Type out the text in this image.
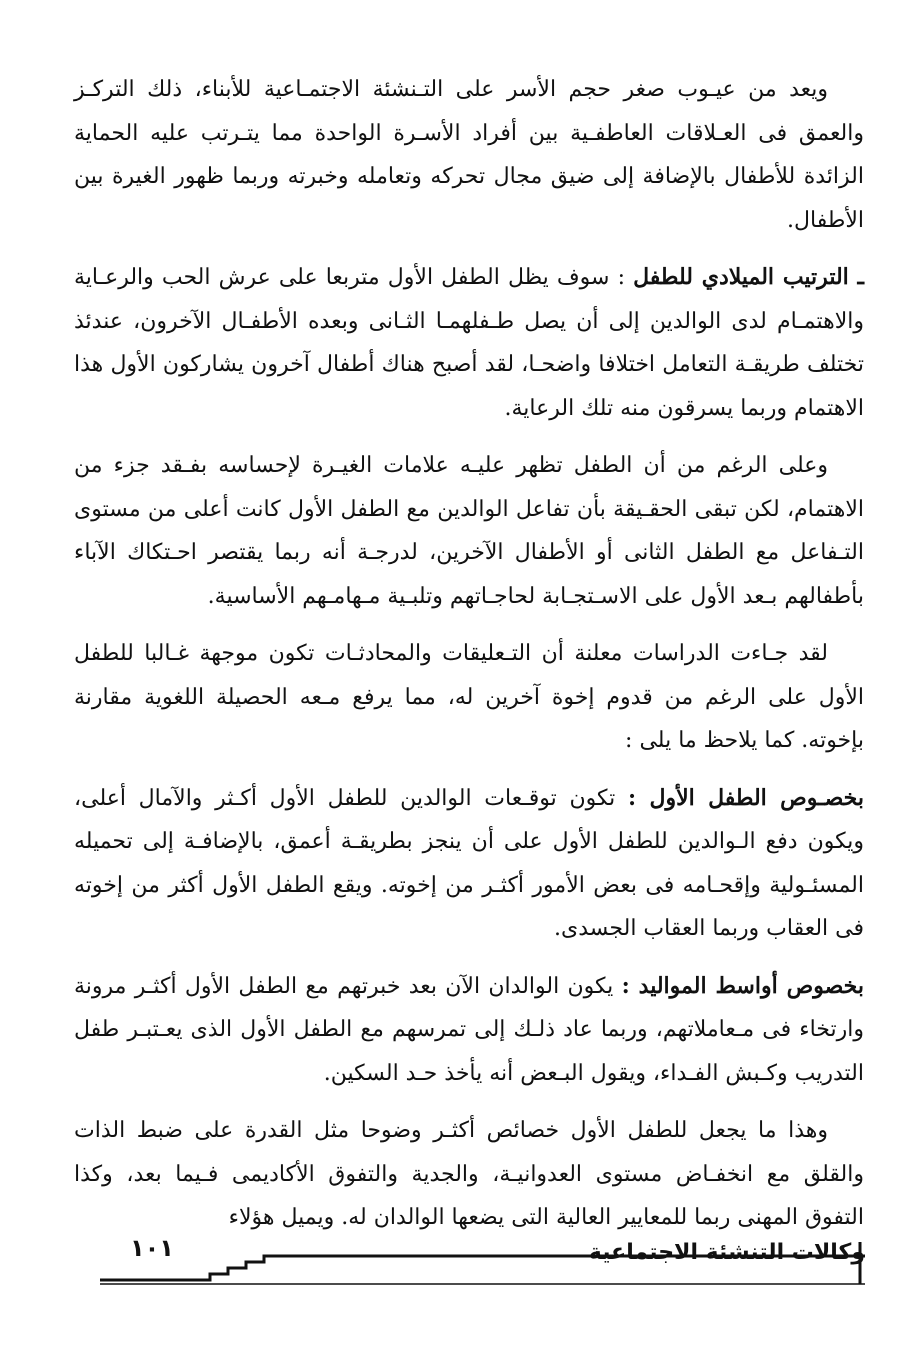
ويعد من عيـوب صغر حجم الأسر على التـنشئة الاجتمـاعية للأبناء، ذلك التركـز والعمق فى العـلاقات العاطفـية بين أفراد الأسـرة الواحدة مما يتـرتب عليه الحماية الزائدة للأطفال بالإضافة إلى ضيق مجال تحركه وتعامله وخبرته وربما ظهور الغيرة بين الأطفال.

ـ الترتيب الميلادي للطفل : سوف يظل الطفل الأول متربعا على عرش الحب والرعـاية والاهتمـام لدى الوالدين إلى أن يصل طـفلهمـا الثـانى وبعده الأطفـال الآخرون، عندئذ تختلف طريقـة التعامل اختلافا واضحـا، لقد أصبح هناك أطفال آخرون يشاركون الأول هذا الاهتمام وربما يسرقون منه تلك الرعاية.

وعلى الرغم من أن الطفل تظهر عليـه علامات الغيـرة لإحساسه بفـقد جزء من الاهتمام، لكن تبقى الحقـيقة بأن تفاعل الوالدين مع الطفل الأول كانت أعلى من مستوى التـفاعل مع الطفل الثانى أو الأطفال الآخرين، لدرجـة أنه ربما يقتصر احـتكاك الآباء بأطفالهم بـعد الأول على الاسـتجـابة لحاجـاتهم وتلبـية مـهامـهم الأساسية.

لقد جـاءت الدراسات معلنة أن التـعليقات والمحادثـات تكون موجهة غـالبا للطفل الأول على الرغم من قدوم إخوة آخرين له، مما يرفع مـعه الحصيلة اللغوية مقارنة بإخوته. كما يلاحظ ما يلى :

بخصـوص الطفل الأول : تكون توقـعات الوالدين للطفل الأول أكـثر والآمال أعلى، ويكون دفع الـوالدين للطفل الأول على أن ينجز بطريقـة أعمق، بالإضافـة إلى تحميله المسئـولية وإقحـامه فى بعض الأمور أكثـر من إخوته. ويقع الطفل الأول أكثر من إخوته فى العقاب وربما العقاب الجسدى.

بخصوص أواسط المواليد : يكون الوالدان الآن بعد خبرتهم مع الطفل الأول أكثـر مرونة وارتخاء فى مـعاملاتهم، وربما عاد ذلـك إلى تمرسهم مع الطفل الأول الذى يعـتبـر طفل التدريب وكـبش الفـداء، ويقول البـعض أنه يأخذ حـد السكين.

وهذا ما يجعل للطفل الأول خصائص أكثـر وضوحا مثل القدرة على ضبط الذات والقلق مع انخفـاض مستوى العدوانيـة، والجدية والتفوق الأكاديمى فـيما بعد، وكذا التفوق المهنى ربما للمعايير العالية التى يضعها الوالدان له. ويميل هؤلاء

١٠١	وكالات التنشئة الاجتماعية
